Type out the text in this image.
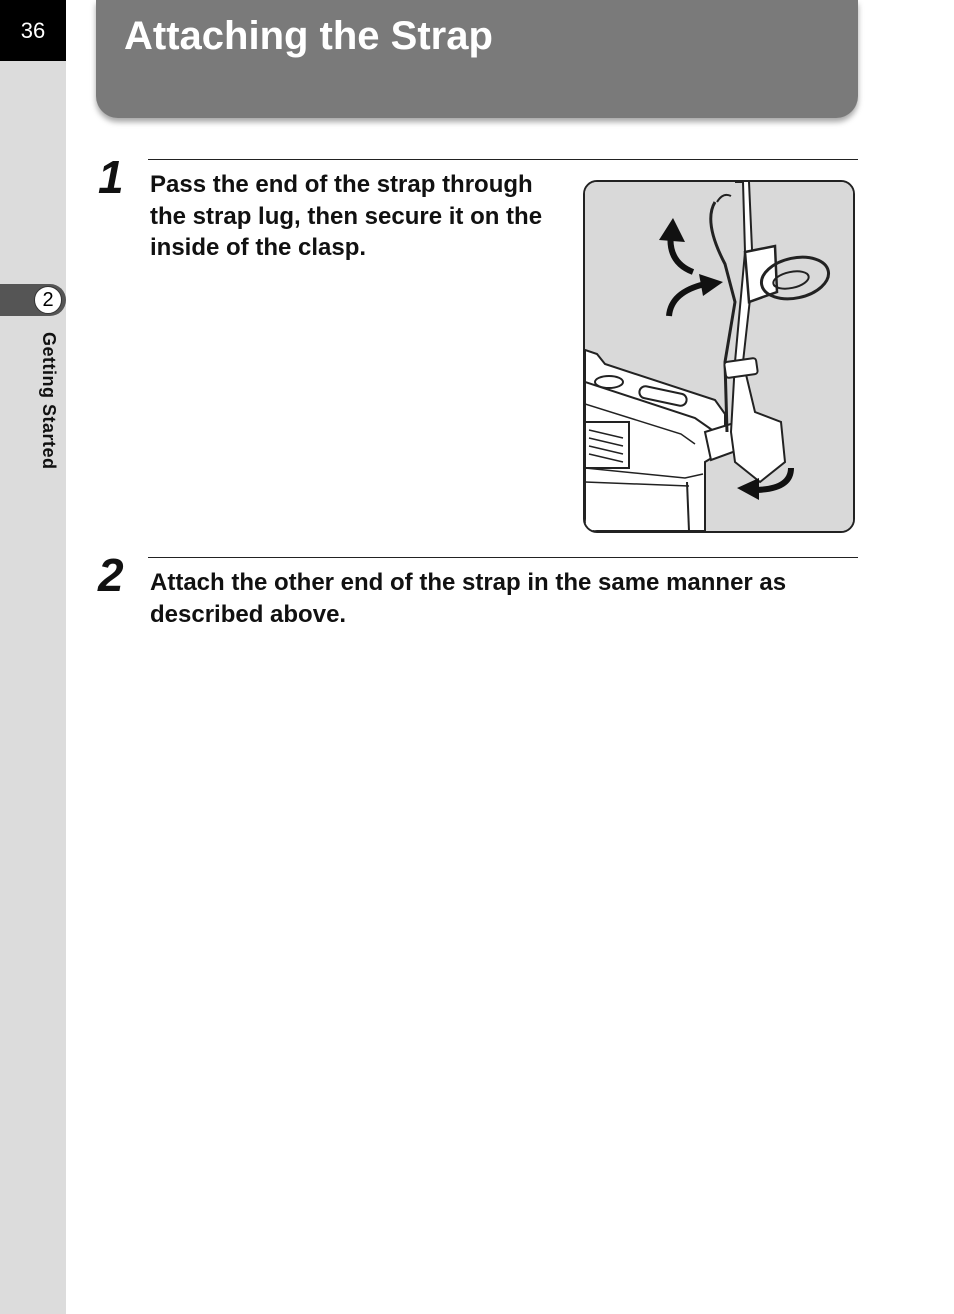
36
2
Getting Started
Attaching the Strap
1 Pass the end of the strap through the strap lug, then secure it on the inside of the clasp.

2 Attach the other end of the strap in the same manner as described above.
